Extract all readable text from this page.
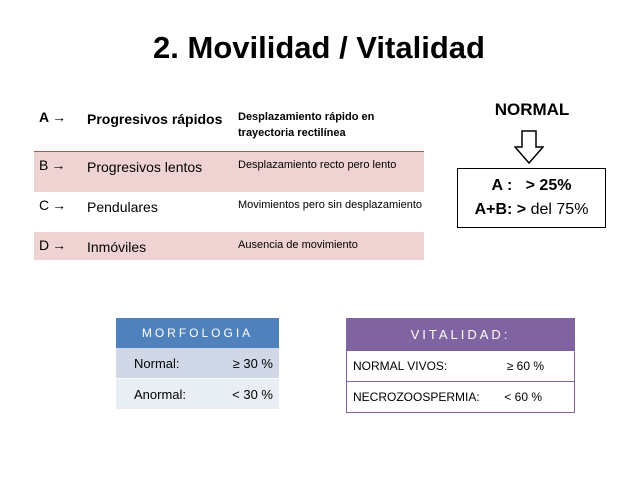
2. Movilidad / Vitalidad
A →	Progresivos rápidos	Desplazamiento rápido en trayectoria rectilínea
B →	Progresivos lentos	Desplazamiento recto pero lento
C →	Pendulares	Movimientos pero sin desplazamiento
D →	Inmóviles	Ausencia de movimiento
NORMAL
A : > 25%
A+B: > del 75%
MORFOLOGIA	
Normal:	≥ 30 %
Anormal:	< 30 %
VITALIDAD:
NORMAL VIVOS:	≥ 60 %

NECROZOOSPERMIA: < 60 %
